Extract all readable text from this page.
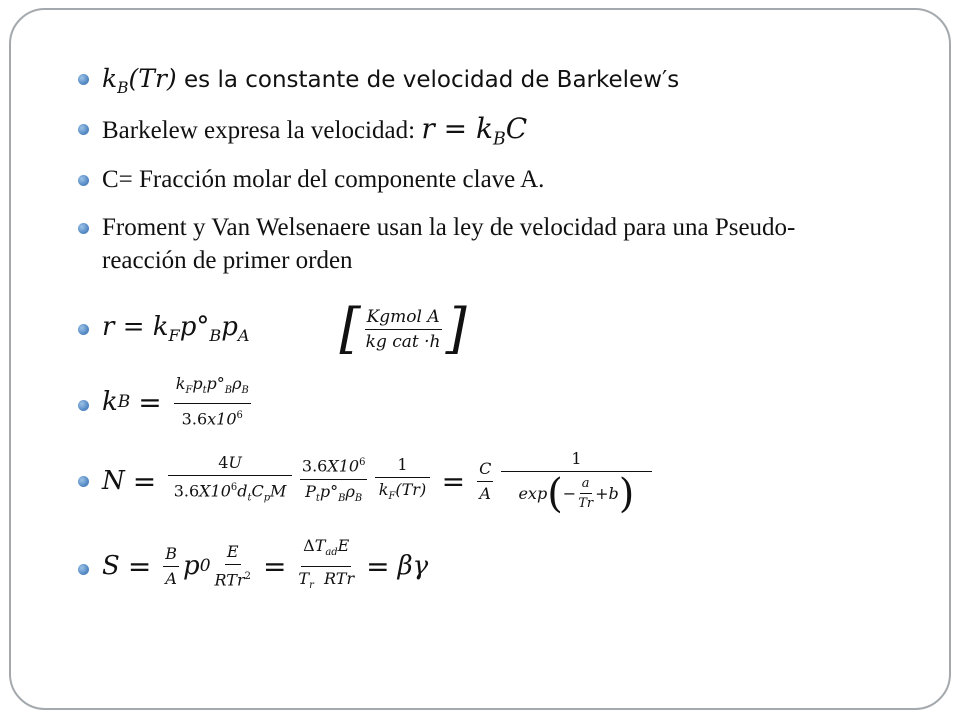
$k_B(Tr)$ es la constante de velocidad de Barkelew′s
Barkelew expresa la velocidad: $r = k_BC$
C= Fracción molar del componente clave A.
Froment y Van Welsenaere usan la ley de velocidad para una Pseudo-reacción de primer orden
$r = k_Fp^\circ_Bp_A$ [ $\frac{\text{Kgmol A}}{\text{kg cat ·h}}$ ]
k $B = \frac{k_Fp_tp^\circ_B\rho_B}{3.6x10^6}$
$N = \frac{4U}{3.6X10^6d_tC_pM} \frac{3.6X10^6}{P_tp^\circ_B\rho_B} \frac{1}{k_F(Tr)} = \frac{C}{A} \frac{1}{\exp ( - \frac{a}{Tr} +b )}$
$S = \frac{B}{A}$ p $0 \frac{E}{RTr^2} = \frac{\Delta T_{ad}E}{T_r RTr} = \beta\gamma$
